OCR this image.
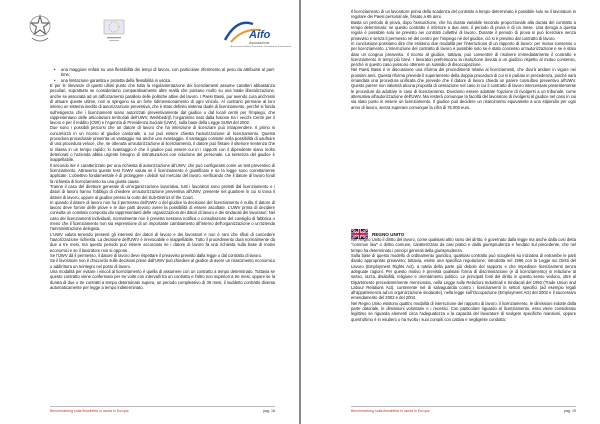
Aifo
Associazione
Associazione Italiana Formazione Orientamento Professionale
• una maggiore enfasi su una flessibilità dei tempi di lavoro, con particolare riferimento al peso da attribuirsi al part-time;
• una limitazione garantita e protetta della flessibilità in uscita.

E per le rilevanze di questi ultimi punto che tutta la regolamentazione dei licenziamenti assume caratteri abbastanza peculiari, soprattutto se consideriamo comparativamente altre realtà che puntano molto su una totale liberalizzazione, anche se associata ad un rafforzamento parallelo delle politiche attive del lavoro. I Paesi Bassi, pur avendo cura anch'essi di attuare queste ultime, non si spingono su un forte ridimensionamento di ogni vincolo. Al contrario permane al loro interno un sistema inedito di autorizzazione preventiva, che è stato definito sistema duale di licenziamento, perché si fonda sull'esigenza che i licenziamenti siano autorizzati preventivamente dal giudice o dal locali centri per l'impiego, che rappresentano delle articolazioni territoriali dell'UWV, Werkbedrijf, l'organismo nato dalla fusione tra i vecchi Centri per il lavoro e per il reddito (CWI) e l'Agenzia di Previdenza Sociale (UWV), sulla base della Legge SUWI del 2002.

Due sono i possibili percorsi che un datore di lavoro che ha intenzione di licenziare può intraprendere. Il primo si concretizza in un ricorso al giudice cantonale, a cui può essere chiesta l'autorizzazione al licenziamento. Questa procedura procedurale presenta un vantaggio ma anche uno svantaggio. Il vantaggio consiste nella possibilità di usufruire di una procedura veloce, che, se ottenuta un'autorizzazione al licenziamento, il datore può fissare il ulteriore sentenza che si rilassa in un tempo rapido; lo svantaggio è che il giudice può essere cui in i rapporti con il dipendente siano molto deteriorati o l'azienda abbia urgente bisogno di ristrutturazioni con riduzione del personale. La sentenza del giudice è inappellabile.

Il secondo iter è caratterizzato per una richiesta di autorizzazione all'UWV, che può configurarsi come un test preventivo di licenziamento. Attraverso questo test l'UWV valuta se il licenziamento è giustificato e se la legge sono correttamente applicate. L'obiettivo fondamentale è di proteggere i deboli sul mercato del lavoro, verificando che il datore di lavoro fondi la richiesta di licenziamento su una giusta causa.

Tranne il caso del direttore generale di un'organizzazione lavorativa, tutti i lavoratori sono protetti dal licenziamento e i datori di lavoro hanno l'obbligo di chiedere un'autorizzazione preventiva all'UWV, presente nel quartiere in cui si trova il datore di lavoro, oppure al giudice presso la corte del Sub-District of the Court.

In quando il datore di lavoro non ha il permesso dell'UWV o del giudice la decisione del licenziamento è nulla. Il datore di lavoro deve fornire delle prove e le due parti devono avere la possibilità di essere ascoltate. L'UWV prima di decidere consulta un comitato composto dai rappresentanti delle organizzazioni dei datori di lavoro e dei sindacati dei lavoratori. Nel caso dei licenziamenti individuali, normalmente non è prevista nessuna notifica o consultazione del consiglio di fabbrica o meno che il licenziamento non sia espressione di un importante cambiamento all'interno dell'organizzazione o un'azienda l'amministrazione delegata.

L'UWV valuta tenendo presenti gli interessi dei datori di lavoro e dei lavoratori e non è raro che rifiuti di concedere l'autorizzazione richiesta. La decisione dell'UWV è irrevocabile e inappellabile. Tutto il procedimento dura normalmente da due a tre mesi, ma questo periodo può essere accorciato se i datore di lavoro fa una richiesta sulla base di motivi economici e se il lavoratore non si oppone.

Se l'UWV dà il permesso, il datore di lavoro deve rispettare il preavviso previsto dalla legge o dal contratto di lavoro.

Se il lavoratore non è d'accordo sulle decisioni prese dall'UWV può chiedere al giudice di avere un risarcimento economico o addirittura un reintegro nel posto di lavoro.

Una modalità per evitare i vincoli al licenziamento è quella di assumere con un contratto a tempo determinato. Tuttavia se questo contratto viene confermato per tre volte con intervalli tra un contratto e l'altro non superiori a tre mesi, oppure se la durata di due o tre contratti a tempo determinato supera, un periodo complessivo di 36 mesi, il suddetto contratto diventa automaticamente per legge a tempo indeterminato.

Benchmarking sulla flessibilità in uscita in Europa	pag. 18

Il licenziamento di un lavoratore prima della scadenza del contratto a tempo determinato è possibile solo se il lavoratore in regolare dei Paesi personal ale, fissato a 65 anni.

Basta un periodo di prova, dopo l'assunzione, che ha durata variabile secondo proporzionale alla durata del contratto a tempo determinato: se questo contratto è inferiore a due anni, il periodo di prova è di un mese. Una deroga a questa regola è possibile solo se previsto nei contratti collettivi di lavoro. Durante il periodo di prova si può licenziare senza preavviso e senza il permesso né del centro per l'impiego né del giudice, ciò si è previsto dal contratto di lavoro.

In conclusione possiamo dire che esistono due modalità per l'interruzione di un rapporto di lavoro: per mutuo consenso o per licenziamento. L'interruzione del contratto di lavoro è possibile solo se è stato concesso un'autorizzazione e se è stato dato un congruo preavviso. Il ricorso al giudice, tuttavia, può consentire di risolvere immediatamente il contratto e licenziamento in tempi più brevi. I lavoratori preferiscono la risoluzione dovuta a un giudizio rispetto al mutuo consenso, perché in questo caso possono ottenere un sussidio di disoccupazione.

Nel Paesi Bassi è in discussione una riforma dei procedimenti relativi ai licenziamenti, che dovrà andare in vigore nei prossimi anni. Questa riforma prevede il superamento della doppia procedura di cui si è parlato in precedenza, poiché sarà rimandata una procedura unificata che prevede che il datore di lavoro chieda un parere consultivo preventivo all'UWV. Questo parere non valuterà alcuna proposta di cessazione nel caso in cui il contratto di lavoro intercessato presentemente le procedure da adottare in caso di licenziamento. Dovranno essere adottate l'opzione di rivolgersi a un tribunale, come alternativa all'autorizzazione dell'UWV. Ma resterà comunque la facoltà del lavoratore di rivolgersi al giudice nel caso in cui sia stato posto in essere un licenziamento. Il giudice può decidere un risarcimento equivalente a uno stipendio per ogni anno di lavoro, senza superare comunque la cifra di 75.000 euro.

REGNO UNITO

Nel Regno Unito il diritto del lavoro, come qualsiasi altro ramo del diritto, è governato dalla legge ma anche dalla così detta "common law" o diritto comune, caratterizzato da casi pratici e dalla giurisprudenza e fondato sul precedente, che nel tempo ha determinato i principi generali della giurisprudenza.

Sulla base di questo modello di ordinamento giuridico, qualsiasi contratto può sciogliersi su iniziativa di entrambe le parti dando appropriato preavviso; tuttavia, esiste una specifica regolazione, introdotta nel 1996 con la Legge sui Diritti del Lavoro (Employment Rights Act), a tutela della parte più debole del rapporto e che impedisce licenziamenti senza adeguate ragioni. Per questo motivo è prevista qualsiasi forma di discriminazione (e di licenziamento) in relazione al sesso, razza, disabilità, religione e orientamento politico. Le principali fonti del diritto in questo senso vedono, oltre al Dipartimento precedentemente menzionato, nella Legge sulle Relazioni Industriali e Sindacali del 1992 (Trade Union and Labour Relations Act), contenente nel di salvaguardia contro i licenziamenti in settori specifici (ad esempio legali all'appartenenza ad un organizzazione sindacale), nella legge sull'Occupazione (Employment Act) del 2002 e il successivo emendamento del 2002 e del 2004.

Nel Regno Unito esistono quattro modalità di interruzione del rapporto di lavoro: il licenziamento, le dimissioni indotte dalla parte datoriale, le dimissioni volontarie e i recesso. Con particolare riguardo al licenziamento, esso viene considerato legittimo se riguarda elementi circa l'adeguatezza o la capacità del lavoratore di svolgere specifiche mansioni, oppure quest'ultimo è in esubero o ha svolto i suoi compiti con cattiva e negligente condotta;

Benchmarking sulla flessibilità in uscita in Europa	pag. 19
